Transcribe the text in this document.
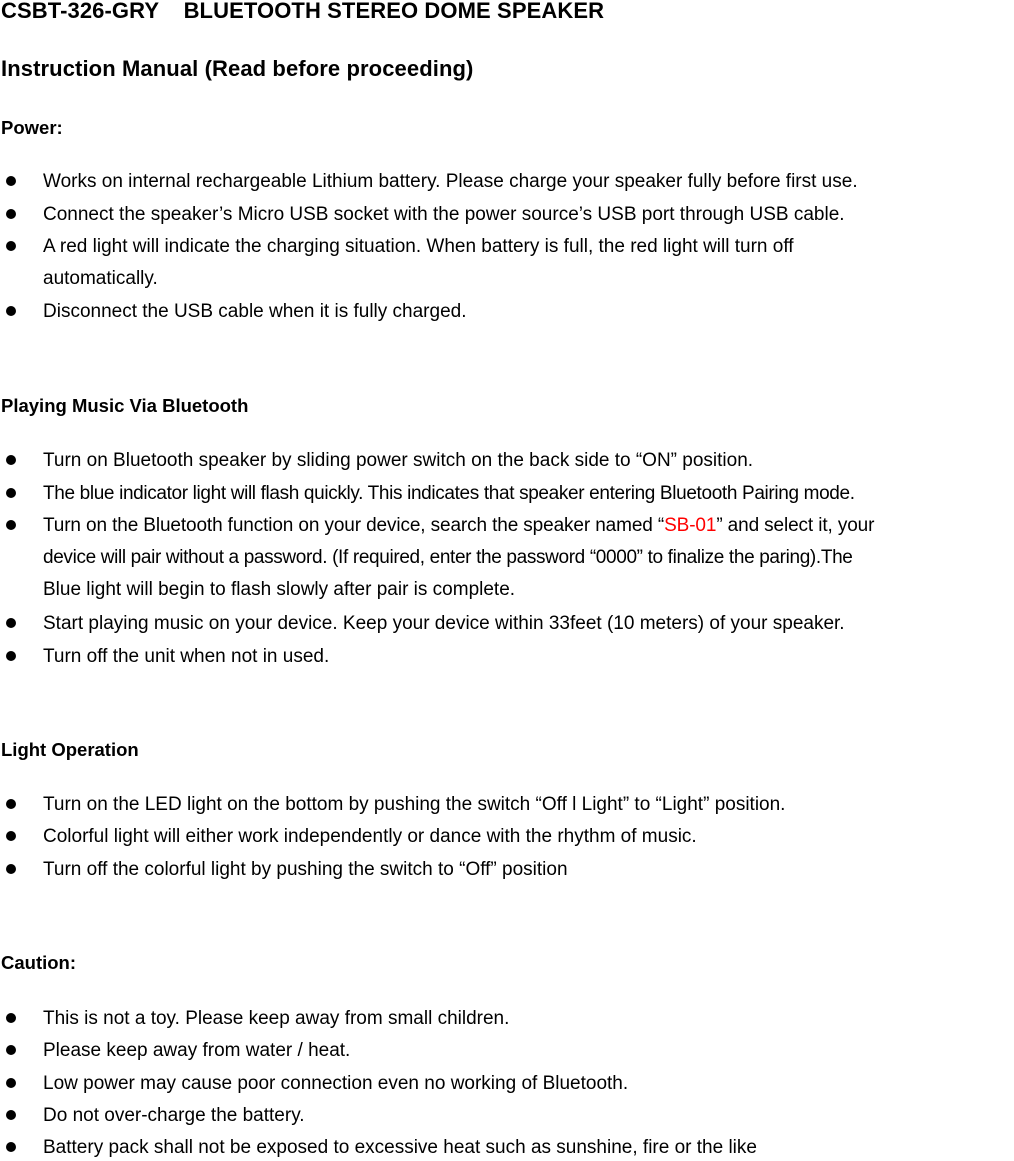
CSBT-326-GRY BLUETOOTH STEREO DOME SPEAKER
Instruction Manual (Read before proceeding)
Power:
Works on internal rechargeable Lithium battery. Please charge your speaker fully before first use.
Connect the speaker’s Micro USB socket with the power source’s USB port through USB cable.
A red light will indicate the charging situation. When battery is full, the red light will turn off
automatically.
Disconnect the USB cable when it is fully charged.
Playing Music Via Bluetooth
Turn on Bluetooth speaker by sliding power switch on the back side to “ON” position.
The blue indicator light will flash quickly. This indicates that speaker entering Bluetooth Pairing mode.
Turn on the Bluetooth function on your device, search the speaker named “SB-01” and select it, your
device will pair without a password. (If required, enter the password “0000” to finalize the paring).The
Blue light will begin to flash slowly after pair is complete.
Start playing music on your device. Keep your device within 33feet (10 meters) of your speaker.
Turn off the unit when not in used.
Light Operation
Turn on the LED light on the bottom by pushing the switch “Off l Light” to “Light” position.
Colorful light will either work independently or dance with the rhythm of music.
Turn off the colorful light by pushing the switch to “Off” position
Caution:
This is not a toy. Please keep away from small children.
Please keep away from water / heat.
Low power may cause poor connection even no working of Bluetooth.
Do not over-charge the battery.
Battery pack shall not be exposed to excessive heat such as sunshine, fire or the like
